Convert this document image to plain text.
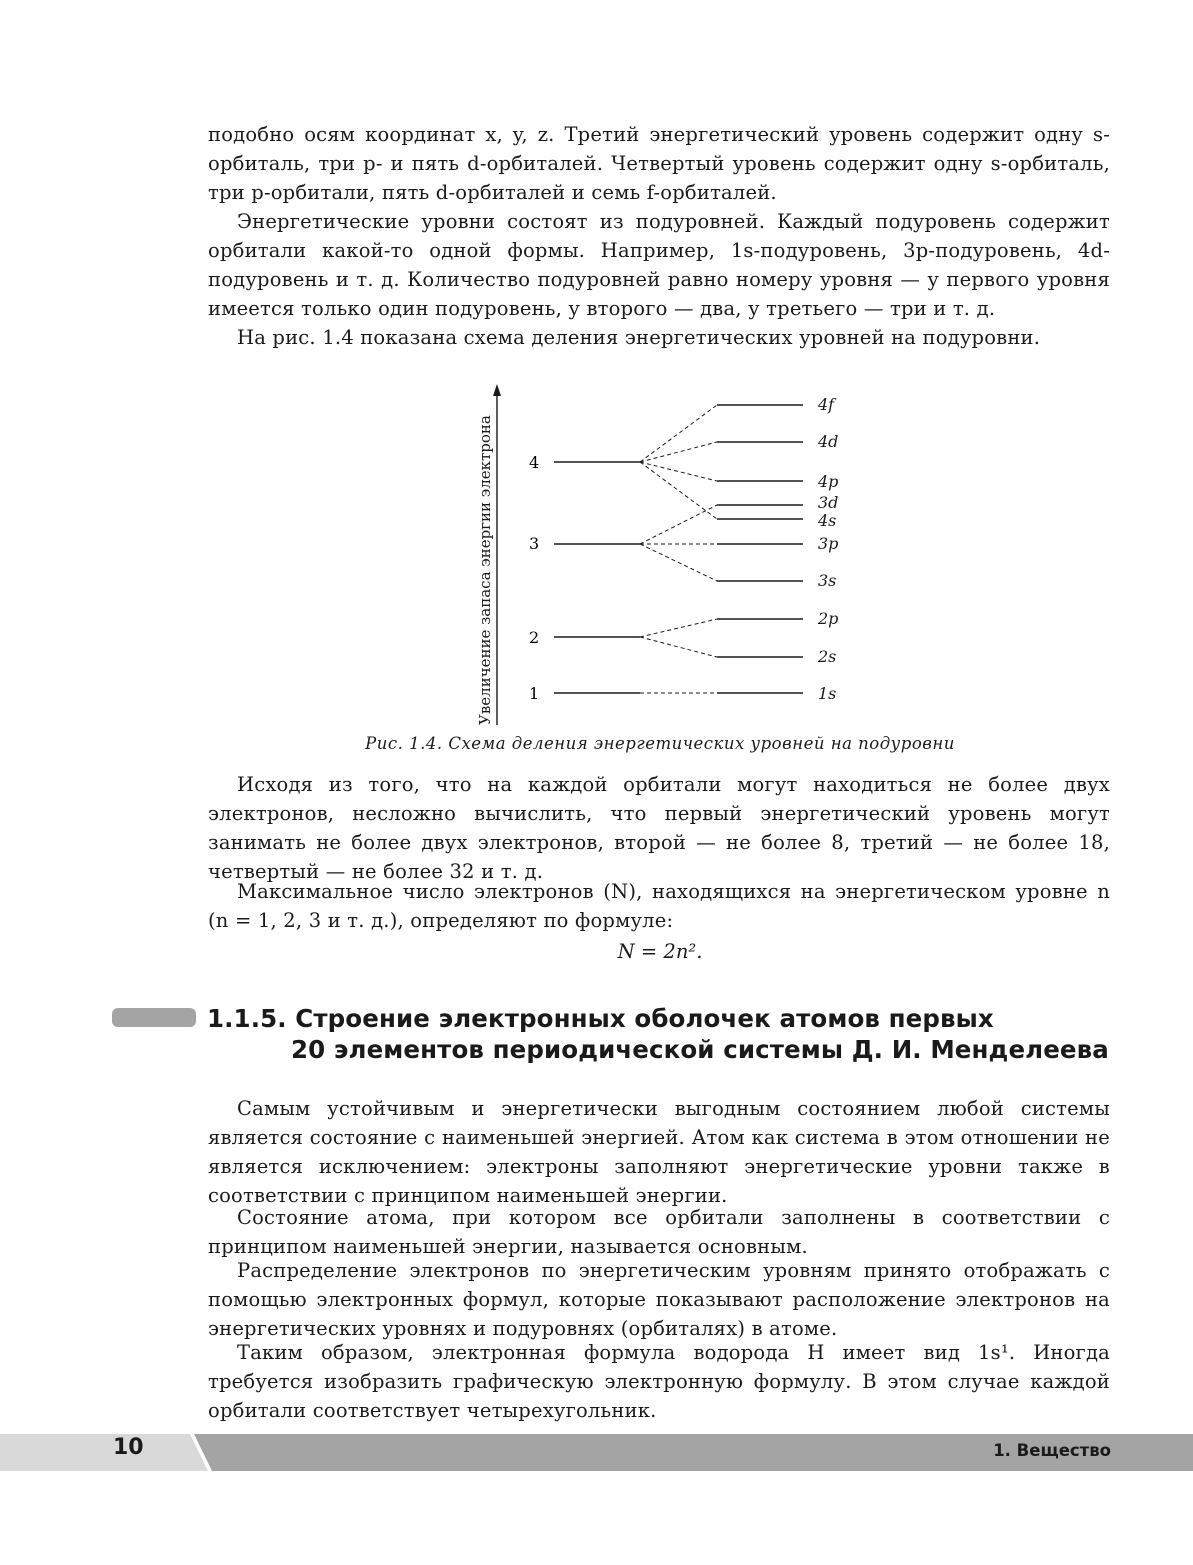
подобно осям координат x, y, z. Третий энергетический уровень содержит одну s-орбиталь, три p- и пять d-орбиталей. Четвертый уровень содержит одну s-орбиталь, три p-орбитали, пять d-орбиталей и семь f-орбиталей.

Энергетические уровни состоят из подуровней. Каждый подуровень содержит орбитали какой-то одной формы. Например, 1s-подуровень, 3p-подуровень, 4d-подуровень и т. д. Количество подуровней равно номеру уровня — у первого уровня имеется только один подуровень, у второго — два, у третьего — три и т. д.

На рис. 1.4 показана схема деления энергетических уровней на подуровни.

Увеличение запаса энергии электрона 4
3
2
1
4f
4d
4p
3d
4s
3p
3s
2p
2s
1s
Рис. 1.4. Схема деления энергетических уровней на подуровни

Исходя из того, что на каждой орбитали могут находиться не более двух электронов, несложно вычислить, что первый энергетический уровень могут занимать не более двух электронов, второй — не более 8, третий — не более 18, четвертый — не более 32 и т. д.

Максимальное число электронов (N), находящихся на энергетическом уровне n (n = 1, 2, 3 и т. д.), определяют по формуле:

N = 2n².
1.1.5. Строение электронных оболочек атомов первых
20 элементов периодической системы Д. И. Менделеева

Самым устойчивым и энергетически выгодным состоянием любой системы является состояние с наименьшей энергией. Атом как система в этом отношении не является исключением: электроны заполняют энергетические уровни также в соответствии с принципом наименьшей энергии.

Состояние атома, при котором все орбитали заполнены в соответствии с принципом наименьшей энергии, называется основным.

Распределение электронов по энергетическим уровням принято отображать с помощью электронных формул, которые показывают расположение электронов на энергетических уровнях и подуровнях (орбиталях) в атоме.

Таким образом, электронная формула водорода H имеет вид 1s¹. Иногда требуется изобразить графическую электронную формулу. В этом случае каждой орбитали соответствует четырехугольник.

10	1. Вещество
